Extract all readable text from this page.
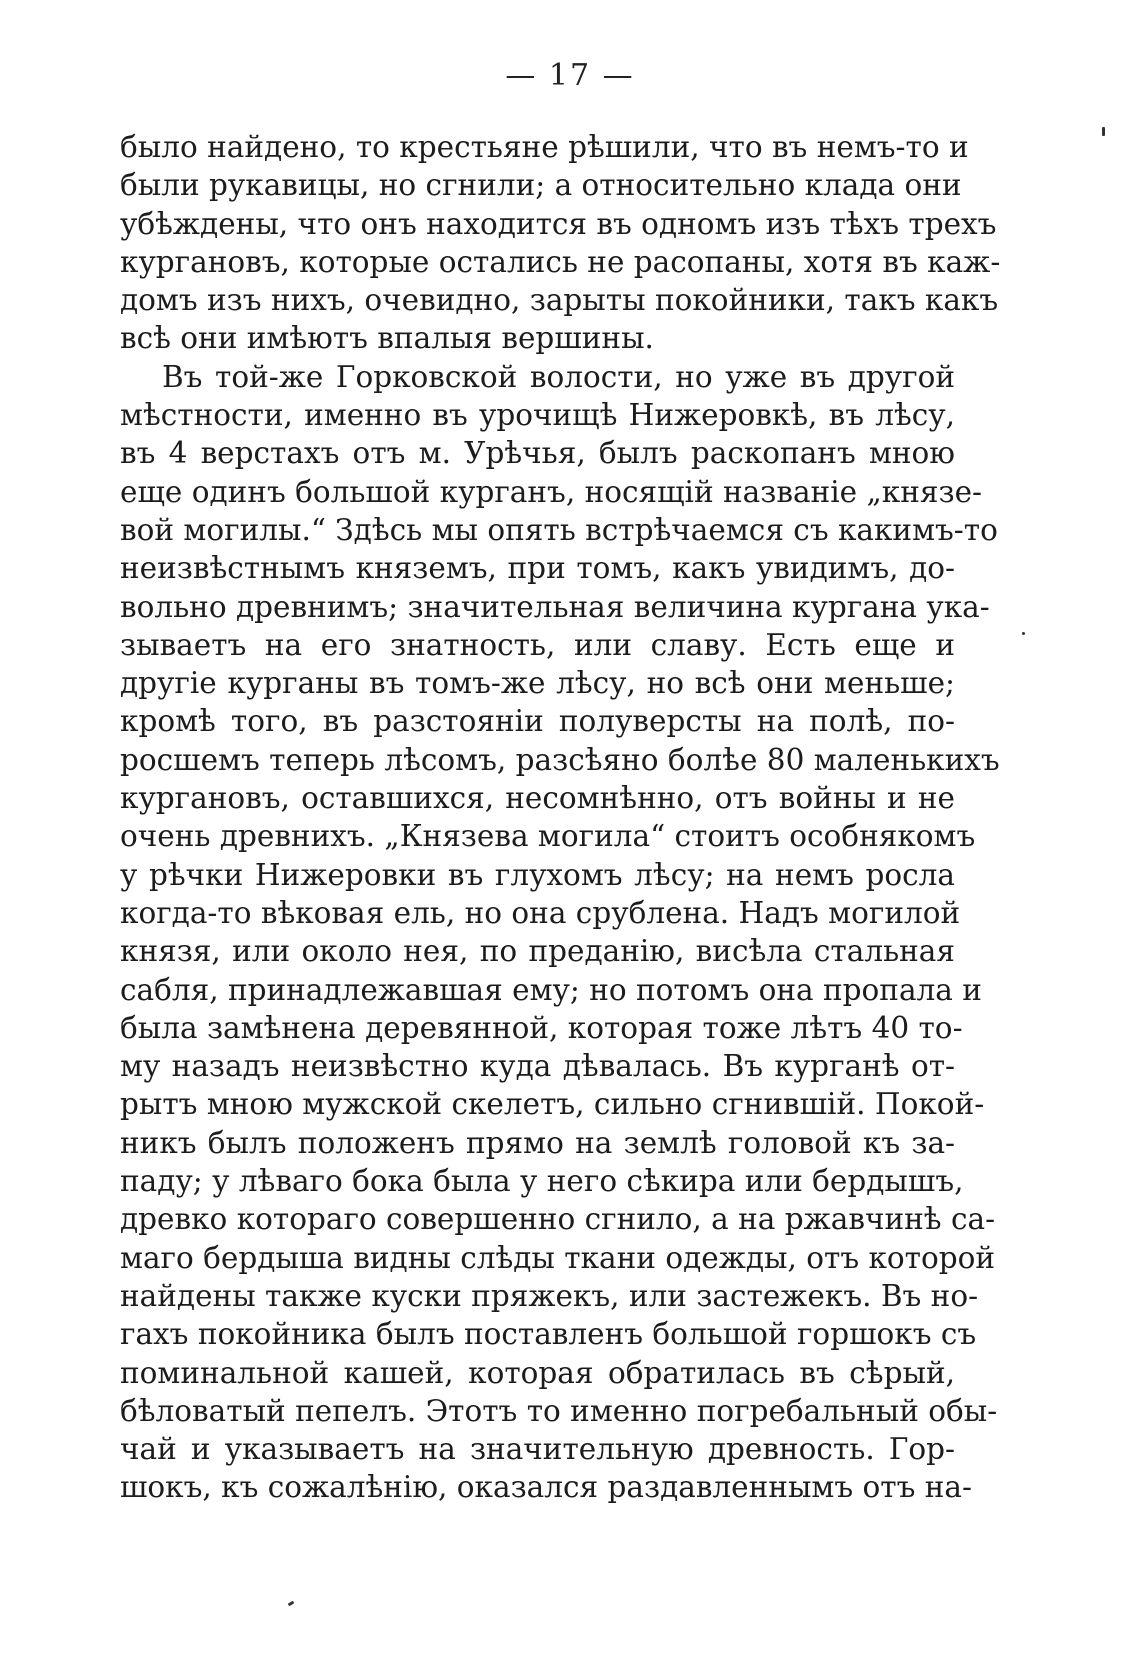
— 17 —
было найдено, то крестьяне рѣшили, что въ немъ-то и
были рукавицы, но сгнили; а относительно клада они
убѣждены, что онъ находится въ одномъ изъ тѣхъ трехъ
кургановъ, которые остались не расопаны, хотя въ каж-
домъ изъ нихъ, очевидно, зарыты покойники, такъ какъ
всѣ они имѣютъ впалыя вершины.
Въ той-же Горковской волости, но уже въ другой
мѣстности, именно въ урочищѣ Нижеровкѣ, въ лѣсу,
въ 4 верстахъ отъ м. Урѣчья, былъ раскопанъ мною
еще одинъ большой курганъ, носящій названіе „князе-
вой могилы.“ Здѣсь мы опять встрѣчаемся съ какимъ-то
неизвѣстнымъ княземъ, при томъ, какъ увидимъ, до-
вольно древнимъ; значительная величина кургана ука-
зываетъ на его знатность, или славу. Есть еще и
другіе курганы въ томъ-же лѣсу, но всѣ они меньше;
кромѣ того, въ разстояніи полуверсты на полѣ, по-
росшемъ теперь лѣсомъ, разсѣяно болѣе 80 маленькихъ
кургановъ, оставшихся, несомнѣнно, отъ войны и не
очень древнихъ. „Князева могила“ стоитъ особнякомъ
у рѣчки Нижеровки въ глухомъ лѣсу; на немъ росла
когда-то вѣковая ель, но она срублена. Надъ могилой
князя, или около нея, по преданію, висѣла стальная
сабля, принадлежавшая ему; но потомъ она пропала и
была замѣнена деревянной, которая тоже лѣтъ 40 то-
му назадъ неизвѣстно куда дѣвалась. Въ курганѣ от-
рытъ мною мужской скелетъ, сильно сгнившій. Покой-
никъ былъ положенъ прямо на землѣ головой къ за-
паду; у лѣваго бока была у него сѣкира или бердышъ,
древко котораго совершенно сгнило, а на ржавчинѣ са-
маго бердыша видны слѣды ткани одежды, отъ которой
найдены также куски пряжекъ, или застежекъ. Въ но-
гахъ покойника былъ поставленъ большой горшокъ съ
поминальной кашей, которая обратилась въ сѣрый,
бѣловатый пепелъ. Этотъ то именно погребальный обы-
чай и указываетъ на значительную древность. Гор-
шокъ, къ сожалѣнію, оказался раздавленнымъ отъ на-
